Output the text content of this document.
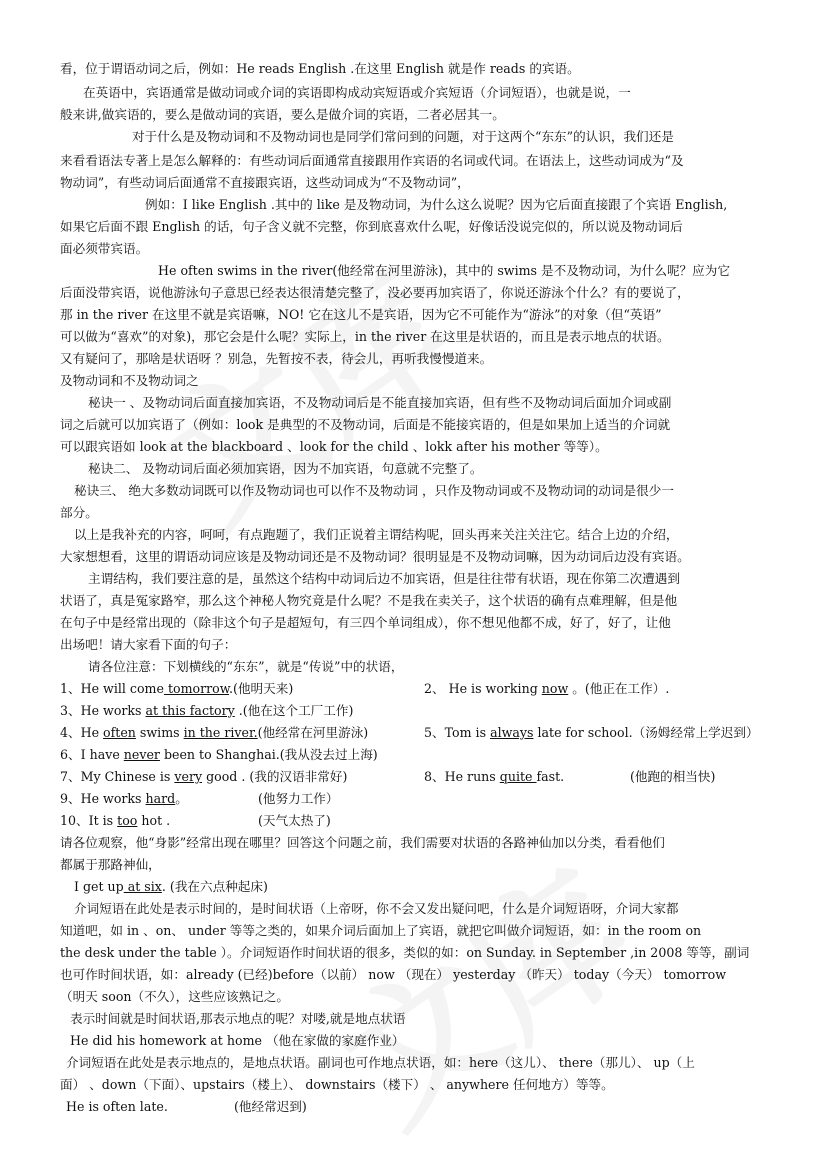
看，位于谓语动词之后，例如：He reads English .在这里 English 就是作 reads 的宾语。
在英语中，宾语通常是做动词或介词的宾语即构成动宾短语或介宾短语（介词短语），也就是说，一
般来讲,做宾语的，要么是做动词的宾语，要么是做介词的宾语，二者必居其一。
对于什么是及物动词和不及物动词也是同学们常问到的问题，对于这两个“东东”的认识，我们还是
来看看语法专著上是怎么解释的：有些动词后面通常直接跟用作宾语的名词或代词。在语法上，这些动词成为“及
物动词”，有些动词后面通常不直接跟宾语，这些动词成为“不及物动词”，
例如：I like English .其中的 like 是及物动词，为什么这么说呢？因为它后面直接跟了个宾语 English,
如果它后面不跟 English 的话，句子含义就不完整，你到底喜欢什么呢，好像话没说完似的，所以说及物动词后
面必须带宾语。
He often swims in the river(他经常在河里游泳)，其中的 swims 是不及物动词，为什么呢？应为它
后面没带宾语，说他游泳句子意思已经表达很清楚完整了，没必要再加宾语了，你说还游泳个什么？有的要说了，
那 in the river 在这里不就是宾语嘛，NO! 它在这儿不是宾语，因为它不可能作为“游泳”的对象（但“英语”
可以做为“喜欢”的对象)，那它会是什么呢？实际上，in the river 在这里是状语的，而且是表示地点的状语。
又有疑问了，那啥是状语呀 ？别急，先暂按不表，待会儿，再听我慢慢道来。
及物动词和不及物动词之
秘诀一 、及物动词后面直接加宾语，不及物动词后是不能直接加宾语，但有些不及物动词后面加介词或副
词之后就可以加宾语了（例如：look 是典型的不及物动词，后面是不能接宾语的，但是如果加上适当的介词就
可以跟宾语如 look at the blackboard 、look for the child 、lokk after his mother 等等）。
秘诀二、 及物动词后面必须加宾语，因为不加宾语，句意就不完整了。
秘诀三、 绝大多数动词既可以作及物动词也可以作不及物动词 ，只作及物动词或不及物动词的动词是很少一
部分。
以上是我补充的内容，呵呵，有点跑题了，我们正说着主谓结构呢，回头再来关注关注它。结合上边的介绍，
大家想想看，这里的谓语动词应该是及物动词还是不及物动词？很明显是不及物动词嘛，因为动词后边没有宾语。
主谓结构，我们要注意的是，虽然这个结构中动词后边不加宾语，但是往往带有状语，现在你第二次遭遇到
状语了，真是冤家路窄，那么这个神秘人物究竟是什么呢？不是我在卖关子，这个状语的确有点难理解，但是他
在句子中是经常出现的（除非这个句子是超短句，有三四个单词组成），你不想见他都不成，好了，好了，让他
出场吧！请大家看下面的句子：
请各位注意：下划横线的“东东”，就是“传说”中的状语，
1、He will come tomorrow.(他明天来)	2、 He is working now 。(他正在工作）.
3、He works at this factory .(他在这个工厂工作)
4、He often swims in the river.(他经常在河里游泳)	5、Tom is always late for school.（汤姆经常上学迟到）
6、I have never been to Shanghai.(我从没去过上海)
7、My Chinese is very good . (我的汉语非常好)	8、He runs quite fast.	(他跑的相当快)
9、He works hard。	(他努力工作）
10、It is too hot .	(天气太热了)
请各位观察，他“身影”经常出现在哪里？回答这个问题之前，我们需要对状语的各路神仙加以分类，看看他们
都属于那路神仙，
I get up at six. (我在六点种起床)
介词短语在此处是表示时间的，是时间状语（上帝呀，你不会又发出疑问吧，什么是介词短语呀，介词大家都
知道吧，如 in 、on、 under 等等之类的，如果介词后面加上了宾语，就把它叫做介词短语，如：in the room on
the desk under the table ）。介词短语作时间状语的很多，类似的如：on Sunday. in September ,in 2008 等等，副词
也可作时间状语，如：already (已经)before（以前） now （现在） yesterday （昨天） today（今天） tomorrow
（明天 soon（不久），这些应该熟记之。
表示时间就是时间状语,那表示地点的呢？对喽,就是地点状语
He did his homework at home （他在家做的家庭作业）
介词短语在此处是表示地点的，是地点状语。副词也可作地点状语，如：here（这儿）、 there（那儿）、 up（上
面） 、down（下面）、upstairs（楼上）、 downstairs（楼下） 、 anywhere 任何地方）等等。
He is often late.	(他经常迟到)
